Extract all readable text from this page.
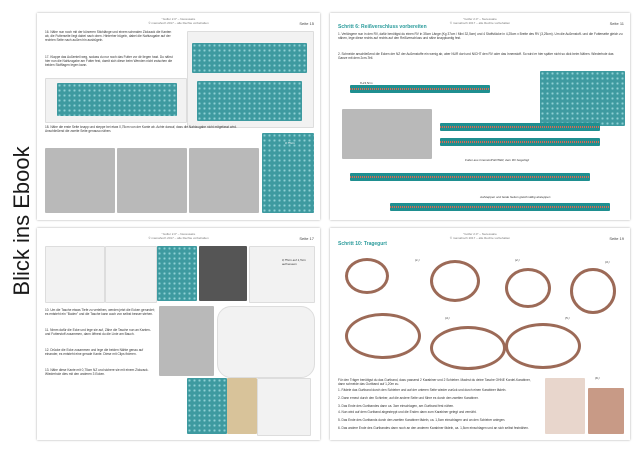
Blick ins Ebook
"Golfer 2.0" – Necessaire
© mamahoch 2017 – alle Rechte vorbehalten	Seite 15
16. Nähe nun noch mit der kürzeren Stichlänge und einem schmalen Zickzack die Kanten ab, die Futterseite liegt dabei nach oben. Hinterher bügeln, dabei die Nahtzugabe auf der rechten Seite nach außen hin ausbügeln.
17. Klappe das Außenteil weg, sodass du nur noch das Futter vor dir liegen hast. Du nähst hier nun die Nahtzugabe am Futter fest, damit sich diese beim Wenden nicht zwischen die beiden Stofflagen legen kann.
18. Nähe die erste Seite knapp und steppe bei etwa 0,75cm von der Kante ab. Achte darauf, dass die Nahtzugabe nicht mitgefasst wird. Anschließend die zweite Seite genauso nähen.
0,75cm
"Golfer 2.0" – Necessaire
© mamahoch 2017 – alle Rechte vorbehalten	Seite 11
Schritt 6: Reißverschluss vorbereiten
1. Verlängere nun in den RV, dafür benötigst du einen RV in 35cm Länge (Kg 37cm / Mini 32,5cm) und 4 Stoffstücke in 4,25cm x Breite des RV (3,25cm). Um die Außenstoff- und die Futterseite gleich zu nähen, lege diese rechts auf rechts auf den Reißverschluss und nähe knappkantig fest.
2. Schneide anschließend die Ecken der NZ der Außenstoffe ein wenig ab, aber NUR dort und NICHT den RV oder das Innenstoff. So wird er hier später nicht so dick beim Nähen. Wiederhole das Ganze mit dem 2cm-Teil.
8-23,5cm
Futter aus Innenstoff ENTER, dem RV beigefügt
Aufsteppen und beide Seiten gleichmäßig absteppen
"Golfer 2.0" – Necessaire
© mamahoch 2017 – alle Rechte vorbehalten	Seite 17
0,75cm auf 1,5cm aufmessen
10. Um die Tasche etwas Tiefe zu verleihen, werden jetzt die Ecken gerundet; es entsteht ein "Boden" und die Tasche kann auch von selbst besser stehen.
11. Nimm dafür die Ecke und lege sie auf, Zähe die Tasche nun an Kanten- und Futterstoff zusammen, dann öffnest du die Linie am Bauch.
12. Drücke die Ecke zusammen und lege die beiden Nähte genau auf einander, es entsteht eine gerade Kante. Diese mit Clips fixieren.
13. Nähe diese Kante mit 0,75cm NZ und sichere sie mit einem Zickzack. Wiederhole dies mit den anderen 3 Ecken.
"Golfer 2.0" – Necessaire
© mamahoch 2017 – alle Rechte vorbehalten	Seite 19
Schritt 10: Tragegurt
(1.)	(2.)	(3.)
(4.)	(5.)
Für den Träger benötigst du das Gurtband, dazu passend 2 Karabiner und 2 Schieber. Machst du deine Tasche OHNE Kordel-Karabiner, dann schneide das Gurtband auf 1,20m zu.
1. Fädele das Gurtband durch den Schieber und auf der unteren Seite wieder zurück und durch einen Karabiner fädeln.
2. Dann erneut durch den Schieber, auf die andere Seite und führe es durch den zweiten Karabiner.
3. Das Ende des Gurtbandes dann ca. 3cm einschlagen, am Gurtband fest nähen.
4. Nun wird auf dem Gurtband abgesteppt und die Enden dann zum Karabiner gelegt und vernäht.
5. Das Ende des Gurtbands durch den zweiten Karabiner fädeln, ca. 1,5cm einschlagen und an den Schieber anlegen.
6. Das andere Ende des Gurtbandes dann noch an den anderen Karabiner fädeln, ca. 1,5cm einschlagen und an sich selbst festnähen.
(6.)
